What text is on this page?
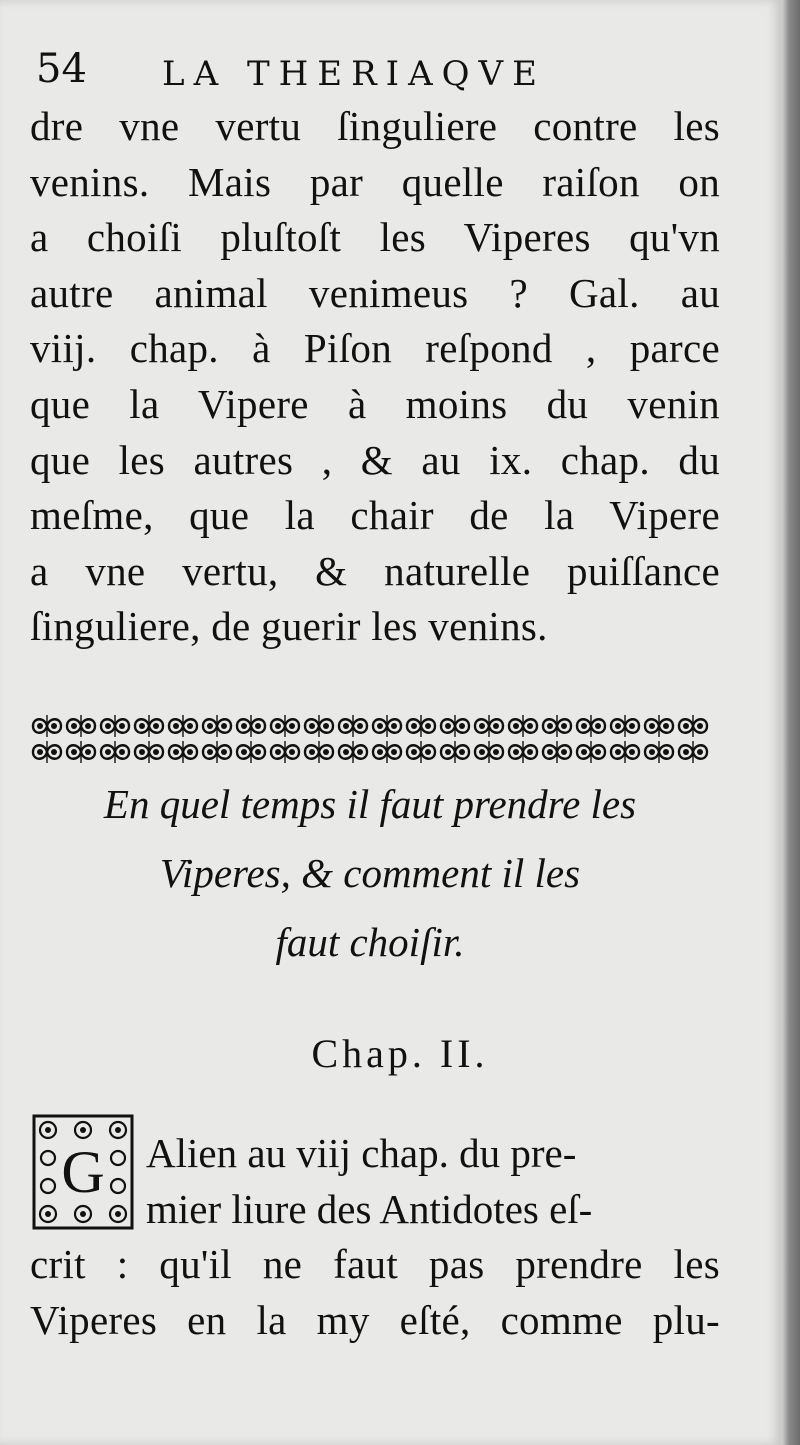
54 LA THERIAQVE
dre vne vertu ſinguliere contre les
venins. Mais par quelle raiſon on
a choiſi pluſtoſt les Viperes qu'vn
autre animal venimeus ? Gal. au
viij. chap. à Piſon reſpond , parce
que la Vipere à moins du venin
que les autres , & au ix. chap. du
meſme, que la chair de la Vipere
a vne vertu, & naturelle puiſſance
ſinguliere, de guerir les venins.
En quel temps il faut prendre les
Viperes, & comment il les
faut choiſir.
Chap. II.
G	Alien au viij chap. du pre-
mier liure des Antidotes eſ-
crit : qu'il ne faut pas prendre les
Viperes en la my eſté, comme plu-
